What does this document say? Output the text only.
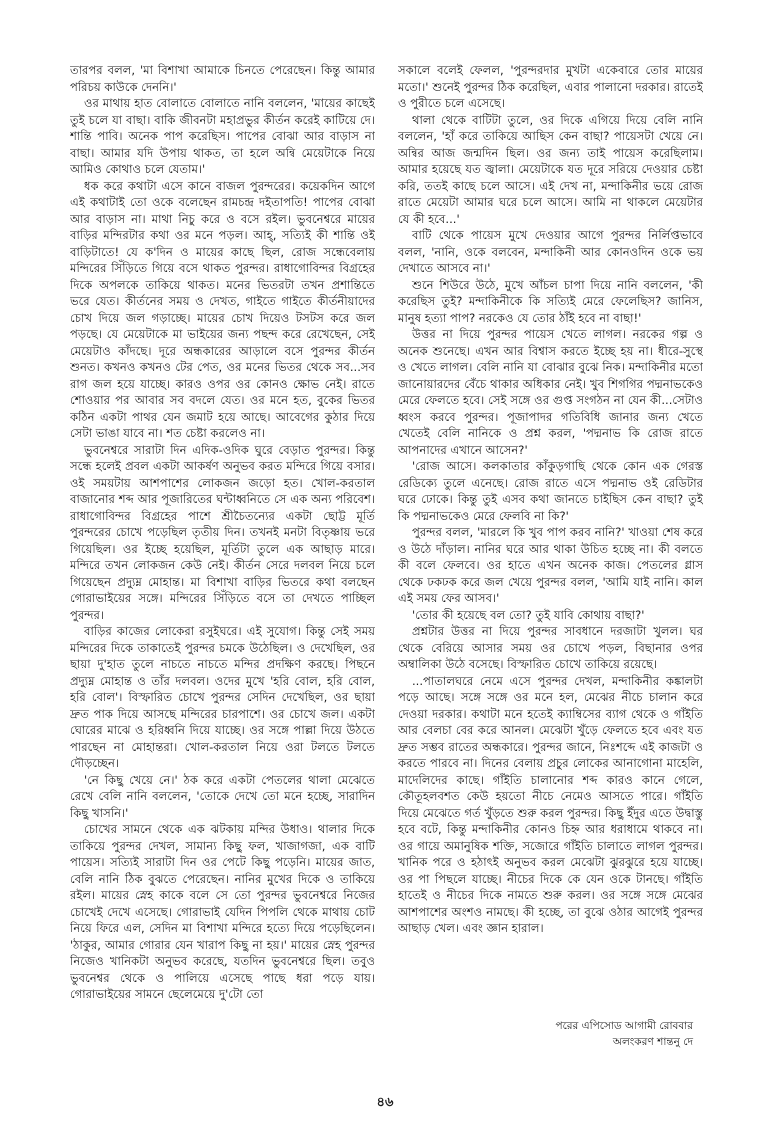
তারপর বলল, 'মা বিশাখা আমাকে চিনতে পেরেছেন। কিন্তু আমার পরিচয় কাউকে দেননি।'

ওর মাথায় হাত বোলাতে বোলাতে নানি বললেন, 'মায়ের কাছেই তুই চলে যা বাছা। বাকি জীবনটা মহাপ্রভুর কীর্তন করেই কাটিয়ে দে। শান্তি পাবি। অনেক পাপ করেছিস। পাপের বোঝা আর বাড়াস না বাছা। আমার যদি উপায় থাকত, তা হলে অন্বি মেয়েটাকে নিয়ে আমিও কোথাও চলে যেতাম।'

ধক করে কথাটা এসে কানে বাজল পুরন্দরের। কয়েকদিন আগে এই কথাটাই তো ওকে বলেছেন রামচন্দ্র দইতাপতি! পাপের বোঝা আর বাড়াস না। মাথা নিচু করে ও বসে রইল। ভুবনেশ্বরে মায়ের বাড়ির মন্দিরটার কথা ওর মনে পড়ল। আহ্, সত্যিই কী শান্তি ওই বাড়িটাতে! যে ক'দিন ও মায়ের কাছে ছিল, রোজ সন্ধেবেলায় মন্দিরের সিঁড়িতে গিয়ে বসে থাকত পুরন্দর। রাধাগোবিন্দর বিগ্রহের দিকে অপলকে তাকিয়ে থাকত। মনের ভিতরটা তখন প্রশান্তিতে ভরে যেত। কীর্তনের সময় ও দেখত, গাইতে গাইতে কীর্তনীয়াদের চোখ দিয়ে জল গড়াচ্ছে। মায়ের চোখ দিয়েও টসটস করে জল পড়ছে। যে মেয়েটাকে মা ভাইয়ের জন্য পছন্দ করে রেখেছেন, সেই মেয়েটাও কাঁদছে। দূরে অন্ধকারের আড়ালে বসে পুরন্দর কীর্তন শুনত। কখনও কখনও টের পেত, ওর মনের ভিতর থেকে সব...সব রাগ জল হয়ে যাচ্ছে। কারও ওপর ওর কোনও ক্ষোভ নেই। রাতে শোওয়ার পর আবার সব বদলে যেত। ওর মনে হত, বুকের ভিতর কঠিন একটা পাথর যেন জমাট হয়ে আছে। আবেগের কুঠার দিয়ে সেটা ভাঙা যাবে না। শত চেষ্টা করলেও না।

ভুবনেশ্বরে সারাটা দিন এদিক-ওদিক ঘুরে বেড়াত পুরন্দর। কিন্তু সন্ধে হলেই প্রবল একটা আকর্ষণ অনুভব করত মন্দিরে গিয়ে বসার। ওই সময়টায় আশপাশের লোকজন জড়ো হত। খোল-করতাল বাজানোর শব্দ আর পূজারিতের ঘন্টাধ্বনিতে সে এক অন্য পরিবেশ। রাধাগোবিন্দর বিগ্রহের পাশে শ্রীচৈতন্যের একটা ছোট্ট মূর্তি পুরন্দরের চোখে পড়েছিল তৃতীয় দিন। তখনই মনটা বিতৃষ্ণায় ভরে গিয়েছিল। ওর ইচ্ছে হয়েছিল, মূর্তিটা তুলে এক আছাড় মারে। মন্দিরে তখন লোকজন কেউ নেই। কীর্তন সেরে দলবল নিয়ে চলে গিয়েছেন প্রদ্যুম্ন মোহান্ত। মা বিশাখা বাড়ির ভিতরে কথা বলছেন গোরাভাইয়ের সঙ্গে। মন্দিরের সিঁড়িতে বসে তা দেখতে পাচ্ছিল পুরন্দর।

বাড়ির কাজের লোকেরা রসুইঘরে। এই সুযোগ। কিন্তু সেই সময় মন্দিরের দিকে তাকাতেই পুরন্দর চমকে উঠেছিল। ও দেখেছিল, ওর ছায়া দু'হাত তুলে নাচতে নাচতে মন্দির প্রদক্ষিণ করছে। পিছনে প্রদ্যুম্ন মোহান্ত ও তাঁর দলবল। ওদের মুখে 'হরি বোল, হরি বোল, হরি বোল'। বিস্ফারিত চোখে পুরন্দর সেদিন দেখেছিল, ওর ছায়া দ্রুত পাক দিয়ে আসছে মন্দিরের চারপাশে। ওর চোখে জল। একটা ঘোরের মাঝে ও হরিধ্বনি দিয়ে যাচ্ছে। ওর সঙ্গে পাল্লা দিয়ে উঠতে পারছেন না মোহান্তরা। খোল-করতাল নিয়ে ওরা টলতে টলতে দৌড়চ্ছেন।

'নে কিছু খেয়ে নে।' ঠক করে একটা পেতলের থালা মেঝেতে রেখে বেলি নানি বললেন, 'তোকে দেখে তো মনে হচ্ছে, সারাদিন কিছু খাসনি।'

চোখের সামনে থেকে এক ঝটকায় মন্দির উধাও। থালার দিকে তাকিয়ে পুরন্দর দেখল, সামান্য কিছু ফল, খাজাগজা, এক বাটি পায়েস। সত্যিই সারাটা দিন ওর পেটে কিছু পড়েনি। মায়ের জাত, বেলি নানি ঠিক বুঝতে পেরেছেন। নানির মুখের দিকে ও তাকিয়ে রইল। মায়ের স্নেহ কাকে বলে সে তো পুরন্দর ভুবনেশ্বরে নিজের চোখেই দেখে এসেছে। গোরাভাই যেদিন পিপলি থেকে মাথায় চোট নিয়ে ফিরে এল, সেদিন মা বিশাখা মন্দিরে হত্যে দিয়ে পড়েছিলেন। 'ঠাকুর, আমার গোরার যেন খারাপ কিছু না হয়।' মায়ের স্নেহ পুরন্দর নিজেও খানিকটা অনুভব করেছে, যতদিন ভুবনেশ্বরে ছিল। তবুও ভুবনেশ্বর থেকে ও পালিয়ে এসেছে পাছে ধরা পড়ে যায়। গোরাভাইয়ের সামনে ছেলেমেয়ে দু'টো তো

সকালে বলেই ফেলল, 'পুরন্দরদার মুখটা একেবারে তোর মায়ের মতো।' শুনেই পুরন্দর ঠিক করেছিল, এবার পালানো দরকার। রাতেই ও পুরীতে চলে এসেছে।

থালা থেকে বাটিটা তুলে, ওর দিকে এগিয়ে দিয়ে বেলি নানি বললেন, 'হাঁ করে তাকিয়ে আছিস কেন বাছা? পায়েসটা খেয়ে নে। অন্বির আজ জন্মদিন ছিল। ওর জন্য তাই পায়েস করেছিলাম। আমার হয়েছে যত জ্বালা। মেয়েটাকে যত দূরে সরিয়ে দেওয়ার চেষ্টা করি, ততই কাছে চলে আসে। এই দেখ না, মন্দাকিনীর ভয়ে রোজ রাতে মেয়েটা আমার ঘরে চলে আসে। আমি না থাকলে মেয়েটার যে কী হবে...'

বাটি থেকে পায়েস মুখে দেওয়ার আগে পুরন্দর নির্লিপ্তভাবে বলল, 'নানি, ওকে বলবেন, মন্দাকিনী আর কোনওদিন ওকে ভয় দেখাতে আসবে না।'

শুনে শিউরে উঠে, মুখে আঁচল চাপা দিয়ে নানি বললেন, 'কী করেছিস তুই? মন্দাকিনীকে কি সত্যিই মেরে ফেলেছিস? জানিস, মানুষ হত্যা পাপ? নরকেও যে তোর ঠাঁই হবে না বাছা!'

উত্তর না দিয়ে পুরন্দর পায়েস খেতে লাগল। নরকের গল্প ও অনেক শুনেছে। এখন আর বিশ্বাস করতে ইচ্ছে হয় না। ধীরে-সুস্থে ও খেতে লাগল। বেলি নানি যা বোঝার বুঝে নিক। মন্দাকিনীর মতো জানোয়ারদের বেঁচে থাকার অধিকার নেই। খুব শিগগির পদ্মনাভকেও মেরে ফেলতে হবে। সেই সঙ্গে ওর গুপ্ত সংগঠন না যেন কী...সেটাও ধ্বংস করবে পুরন্দর। পূজাপাদর গতিবিধি জানার জন্য খেতে খেতেই বেলি নানিকে ও প্রশ্ন করল, 'পদ্মনাভ কি রোজ রাতে আপনাদের এখানে আসেন?'

'রোজ আসে। কলকাতার কাঁকুড়গাছি থেকে কোন এক গেরস্ত রেডিক্যে তুলে এনেছে। রোজ রাতে এসে পদ্মনাভ ওই রেডিটার ঘরে ঢোকে। কিন্তু তুই এসব কথা জানতে চাইছিস কেন বাছা? তুই কি পদ্মনাভকেও মেরে ফেলবি না কি?'

পুরন্দর বলল, 'মারলে কি খুব পাপ করব নানি?' খাওয়া শেষ করে ও উঠে দাঁড়াল। নানির ঘরে আর থাকা উচিত হচ্ছে না। কী বলতে কী বলে ফেলবে। ওর হাতে এখন অনেক কাজ। পেতলের গ্লাস থেকে ঢকঢক করে জল খেয়ে পুরন্দর বলল, 'আমি যাই নানি। কাল এই সময় ফের আসব।'

'তোর কী হয়েছে বল তো? তুই যাবি কোথায় বাছা?'

প্রশ্নটার উত্তর না দিয়ে পুরন্দর সাবধানে দরজাটা খুলল। ঘর থেকে বেরিয়ে আসার সময় ওর চোখে পড়ল, বিছানার ওপর অম্বালিকা উঠে বসেছে। বিস্ফারিত চোখে তাকিয়ে রয়েছে।

...পাতালঘরে নেমে এসে পুরন্দর দেখল, মন্দাকিনীর কঙ্কালটা পড়ে আছে। সঙ্গে সঙ্গে ওর মনে হল, মেঝের নীচে চালান করে দেওয়া দরকার। কথাটা মনে হতেই ক্যাম্বিসের ব্যাগ থেকে ও গাঁইতি আর বেলচা বের করে আনল। মেঝেটা খুঁড়ে ফেলতে হবে এবং যত দ্রুত সম্ভব রাতের অন্ধকারে। পুরন্দর জানে, নিঃশব্দে এই কাজটা ও করতে পারবে না। দিনের বেলায় প্রচুর লোকের আনাগোনা মাহেলি, মাদেলিদের কাছে। গাঁইতি চালানোর শব্দ কারও কানে গেলে, কৌতূহলবশত কেউ হয়তো নীচে নেমেও আসতে পারে। গাঁইতি দিয়ে মেঝেতে গর্ত খুঁড়তে শুরু করল পুরন্দর। কিছু ইঁদুর এতে উদ্বাস্তু হবে বটে, কিন্তু মন্দাকিনীর কোনও চিহ্ন আর ধরাধামে থাকবে না। ওর গায়ে অমানুষিক শক্তি, সজোরে গাঁইতি চালাতে লাগল পুরন্দর। খানিক পরে ও হঠাৎই অনুভব করল মেঝেটা ঝুরঝুরে হয়ে যাচ্ছে। ওর পা পিছলে যাচ্ছে। নীচের দিকে কে যেন ওকে টানছে। গাঁইতি হাতেই ও নীচের দিকে নামতে শুরু করল। ওর সঙ্গে সঙ্গে মেঝের আশপাশের অংশও নামছে। কী হচ্ছে, তা বুঝে ওঠার আগেই পুরন্দর আছাড় খেল। এবং জ্ঞান হারাল।

পরের এপিসোড আগামী রোববার
অলংকরণ শান্তনু দে
৪৬
